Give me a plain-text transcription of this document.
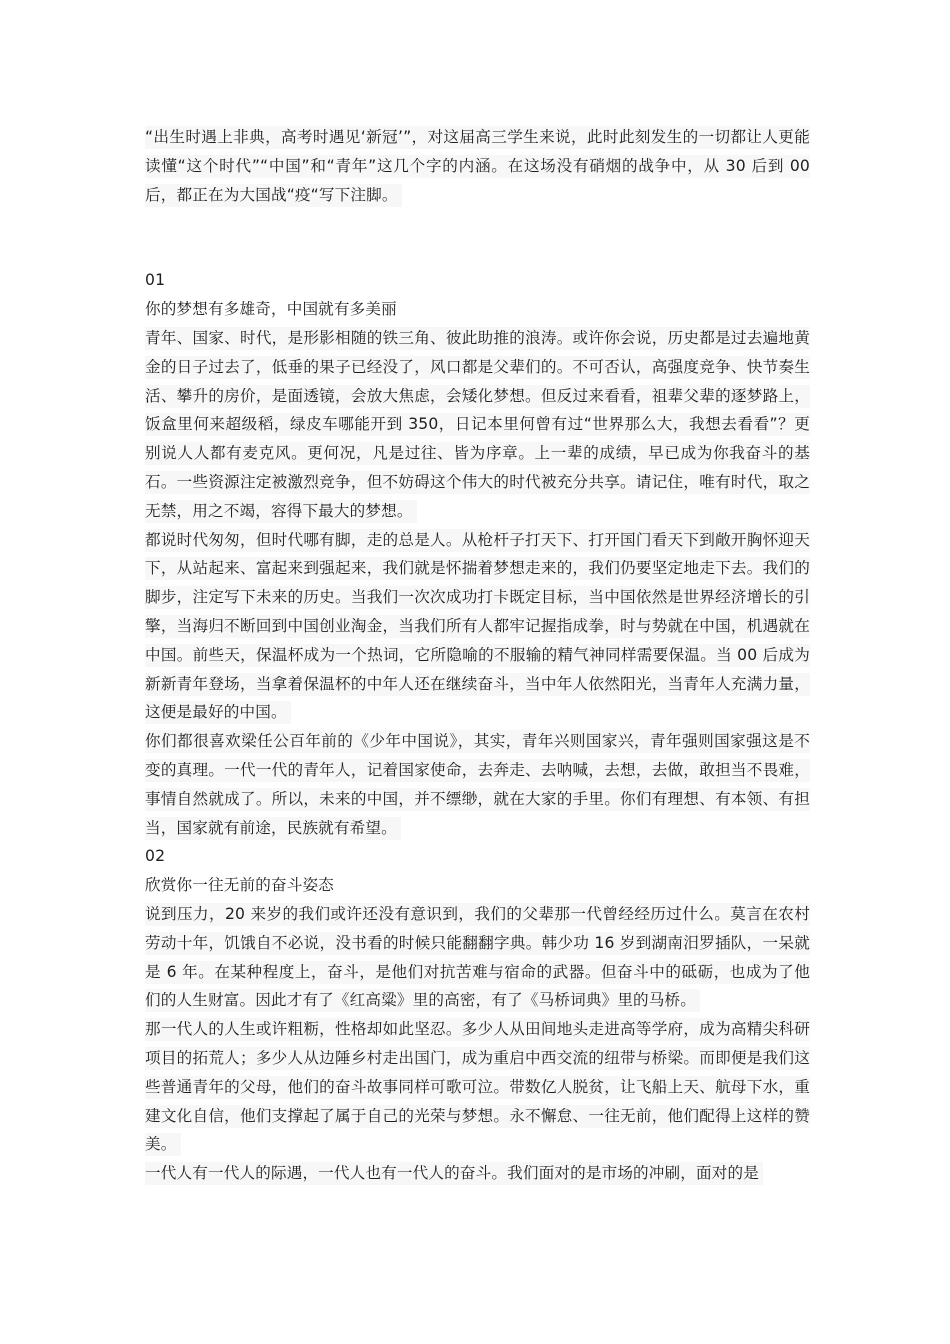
“出生时遇上非典，高考时遇见‘新冠’”，对这届高三学生来说，此时此刻发生的一切都让人更能读懂“这个时代”“中国”和“青年”这几个字的内涵。在这场没有硝烟的战争中，从 30 后到 00 后，都正在为大国战“疫“写下注脚。

01

你的梦想有多雄奇，中国就有多美丽

青年、国家、时代，是形影相随的铁三角、彼此助推的浪涛。或许你会说，历史都是过去遍地黄金的日子过去了，低垂的果子已经没了，风口都是父辈们的。不可否认，高强度竞争、快节奏生活、攀升的房价，是面透镜，会放大焦虑，会矮化梦想。但反过来看看，祖辈父辈的逐梦路上，饭盒里何来超级稻，绿皮车哪能开到 350，日记本里何曾有过“世界那么大，我想去看看”？更别说人人都有麦克风。更何况，凡是过往、皆为序章。上一辈的成绩，早已成为你我奋斗的基石。一些资源注定被激烈竞争，但不妨碍这个伟大的时代被充分共享。请记住，唯有时代，取之无禁，用之不竭，容得下最大的梦想。

都说时代匆匆，但时代哪有脚，走的总是人。从枪杆子打天下、打开国门看天下到敞开胸怀迎天下，从站起来、富起来到强起来，我们就是怀揣着梦想走来的，我们仍要坚定地走下去。我们的脚步，注定写下未来的历史。当我们一次次成功打卡既定目标，当中国依然是世界经济增长的引擎，当海归不断回到中国创业淘金，当我们所有人都牢记握指成拳，时与势就在中国，机遇就在中国。前些天，保温杯成为一个热词，它所隐喻的不服输的精气神同样需要保温。当 00 后成为新新青年登场，当拿着保温杯的中年人还在继续奋斗，当中年人依然阳光，当青年人充满力量，这便是最好的中国。

你们都很喜欢梁任公百年前的《少年中国说》，其实，青年兴则国家兴，青年强则国家强这是不变的真理。一代一代的青年人，记着国家使命，去奔走、去呐喊，去想，去做，敢担当不畏难，事情自然就成了。所以，未来的中国，并不缥缈，就在大家的手里。你们有理想、有本领、有担当，国家就有前途，民族就有希望。

02

欣赏你一往无前的奋斗姿态

说到压力，20 来岁的我们或许还没有意识到，我们的父辈那一代曾经经历过什么。莫言在农村劳动十年，饥饿自不必说，没书看的时候只能翻翻字典。韩少功 16 岁到湖南汨罗插队，一呆就是 6 年。在某种程度上，奋斗，是他们对抗苦难与宿命的武器。但奋斗中的砥砺，也成为了他们的人生财富。因此才有了《红高粱》里的高密，有了《马桥词典》里的马桥。

那一代人的人生或许粗粝，性格却如此坚忍。多少人从田间地头走进高等学府，成为高精尖科研项目的拓荒人；多少人从边陲乡村走出国门，成为重启中西交流的纽带与桥梁。而即便是我们这些普通青年的父母，他们的奋斗故事同样可歌可泣。带数亿人脱贫，让飞船上天、航母下水，重建文化自信，他们支撑起了属于自己的光荣与梦想。永不懈怠、一往无前，他们配得上这样的赞美。

一代人有一代人的际遇，一代人也有一代人的奋斗。我们面对的是市场的冲刷，面对的是
